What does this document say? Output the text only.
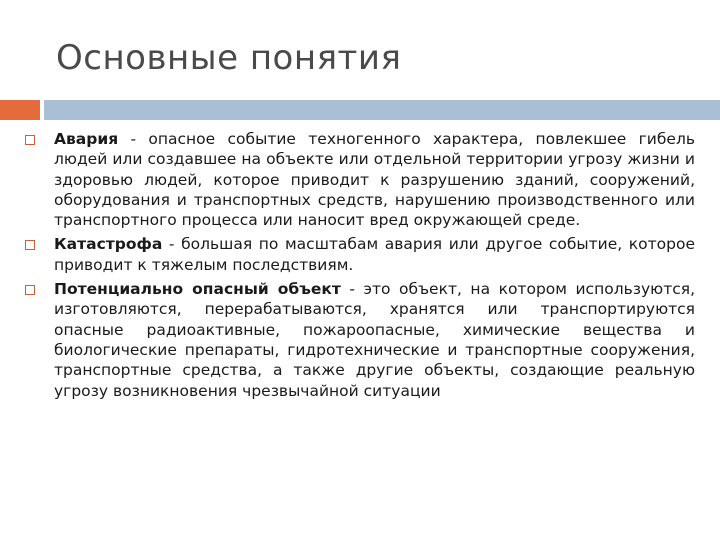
Основные понятия
Авария - опасное событие техногенного характера, повлекшее гибель людей или создавшее на объекте или отдельной территории угрозу жизни и здоровью людей, которое приводит к разрушению зданий, сооружений, оборудования и транспортных средств, нарушению производственного или транспортного процесса или наносит вред окружающей среде.
Катастрофа - большая по масштабам авария или другое событие, которое приводит к тяжелым последствиям.
Потенциально опасный объект - это объект, на котором используются, изготовляются, перерабатываются, хранятся или транспортируются опасные радиоактивные, пожароопасные, химические вещества и биологические препараты, гидротехнические и транспортные сооружения, транспортные средства, а также другие объекты, создающие реальную угрозу возникновения чрезвычайной ситуации
